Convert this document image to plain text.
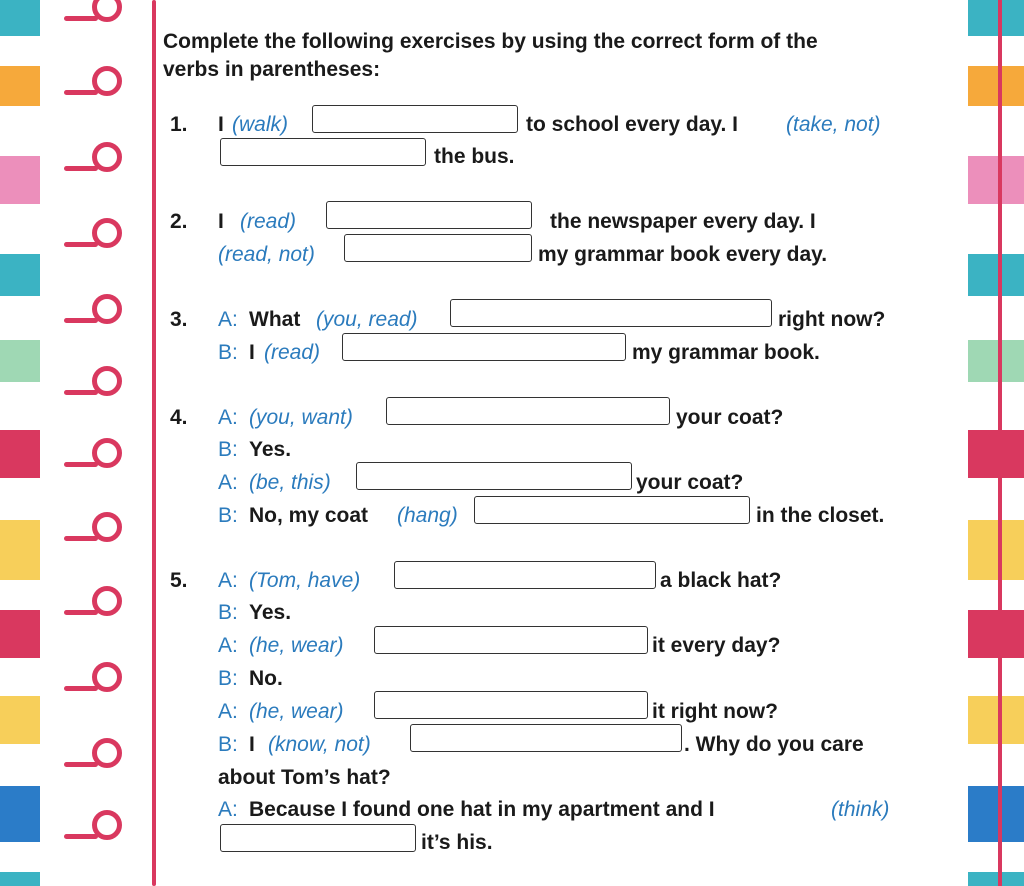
Complete the following exercises by using the correct form of the
verbs in parentheses:
1. I (walk)	to school every day. I (take, not)
the bus.
2. I (read)	the newspaper every day. I
(read, not)	my grammar book every day.
3. A: What (you, read)	right now?
B: I (read)	my grammar book.
4. A: (you, want)	your coat?
B: Yes.
A: (be, this)	your coat?
B: No, my coat (hang)	in the closet.
5. A: (Tom, have)	a black hat?
B: Yes.
A: (he, wear)	it every day?
B: No.
A: (he, wear)	it right now?
B: I (know, not)	. Why do you care
about Tom’s hat?
A: Because I found one hat in my apartment and I	(think)
it’s his.
